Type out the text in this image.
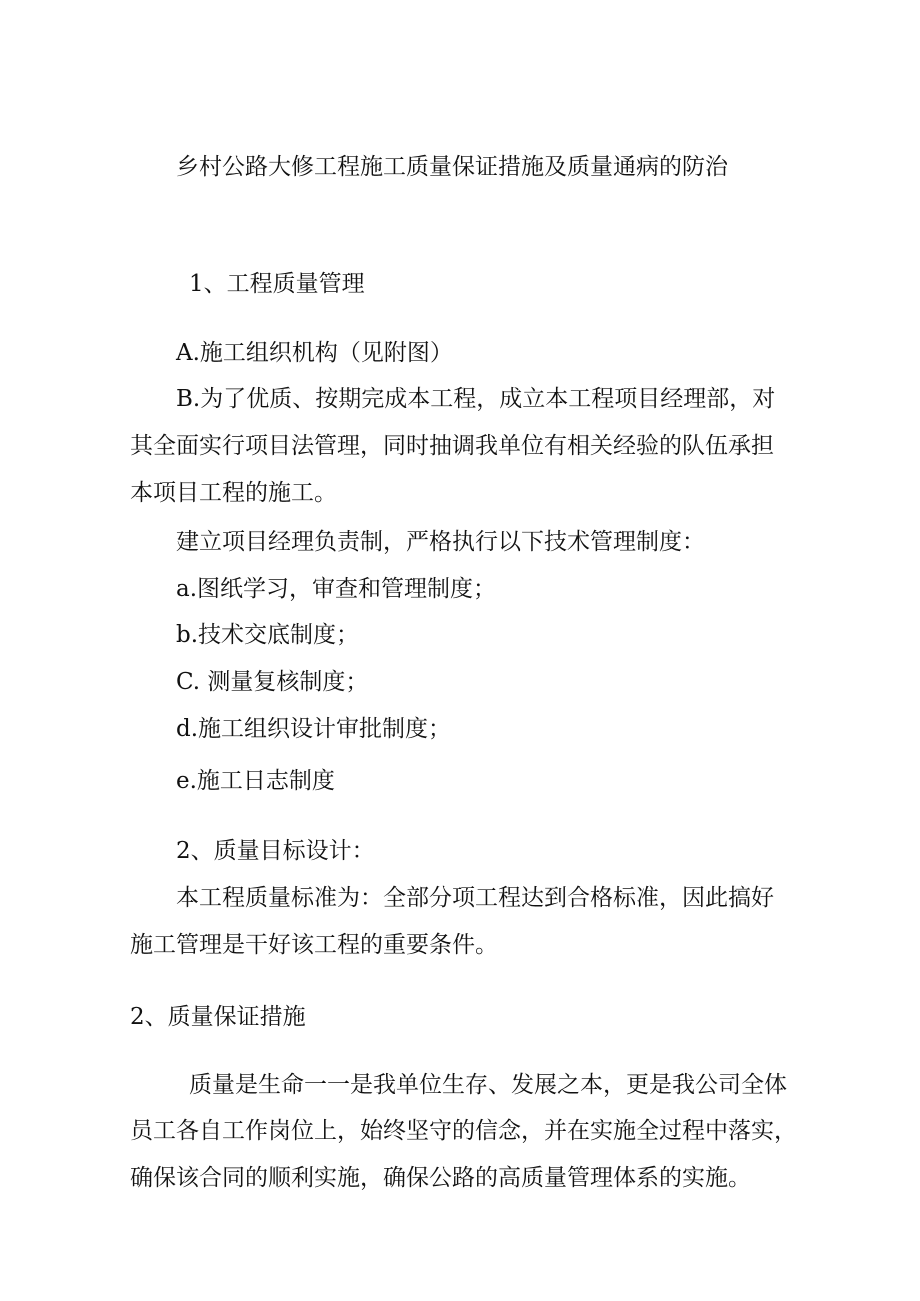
乡村公路大修工程施工质量保证措施及质量通病的防治

1、工程质量管理

A.施工组织机构（见附图）

B.为了优质、按期完成本工程，成立本工程项目经理部，对

其全面实行项目法管理，同时抽调我单位有相关经验的队伍承担

本项目工程的施工。

建立项目经理负责制，严格执行以下技术管理制度：

a.图纸学习，审查和管理制度；

b.技术交底制度；

C. 测量复核制度；

d.施工组织设计审批制度；

e.施工日志制度

2、质量目标设计：

本工程质量标准为：全部分项工程达到合格标准，因此搞好

施工管理是干好该工程的重要条件。

2、质量保证措施

质量是生命一一是我单位生存、发展之本，更是我公司全体

员工各自工作岗位上，始终坚守的信念，并在实施全过程中落实，

确保该合同的顺利实施，确保公路的高质量管理体系的实施。
